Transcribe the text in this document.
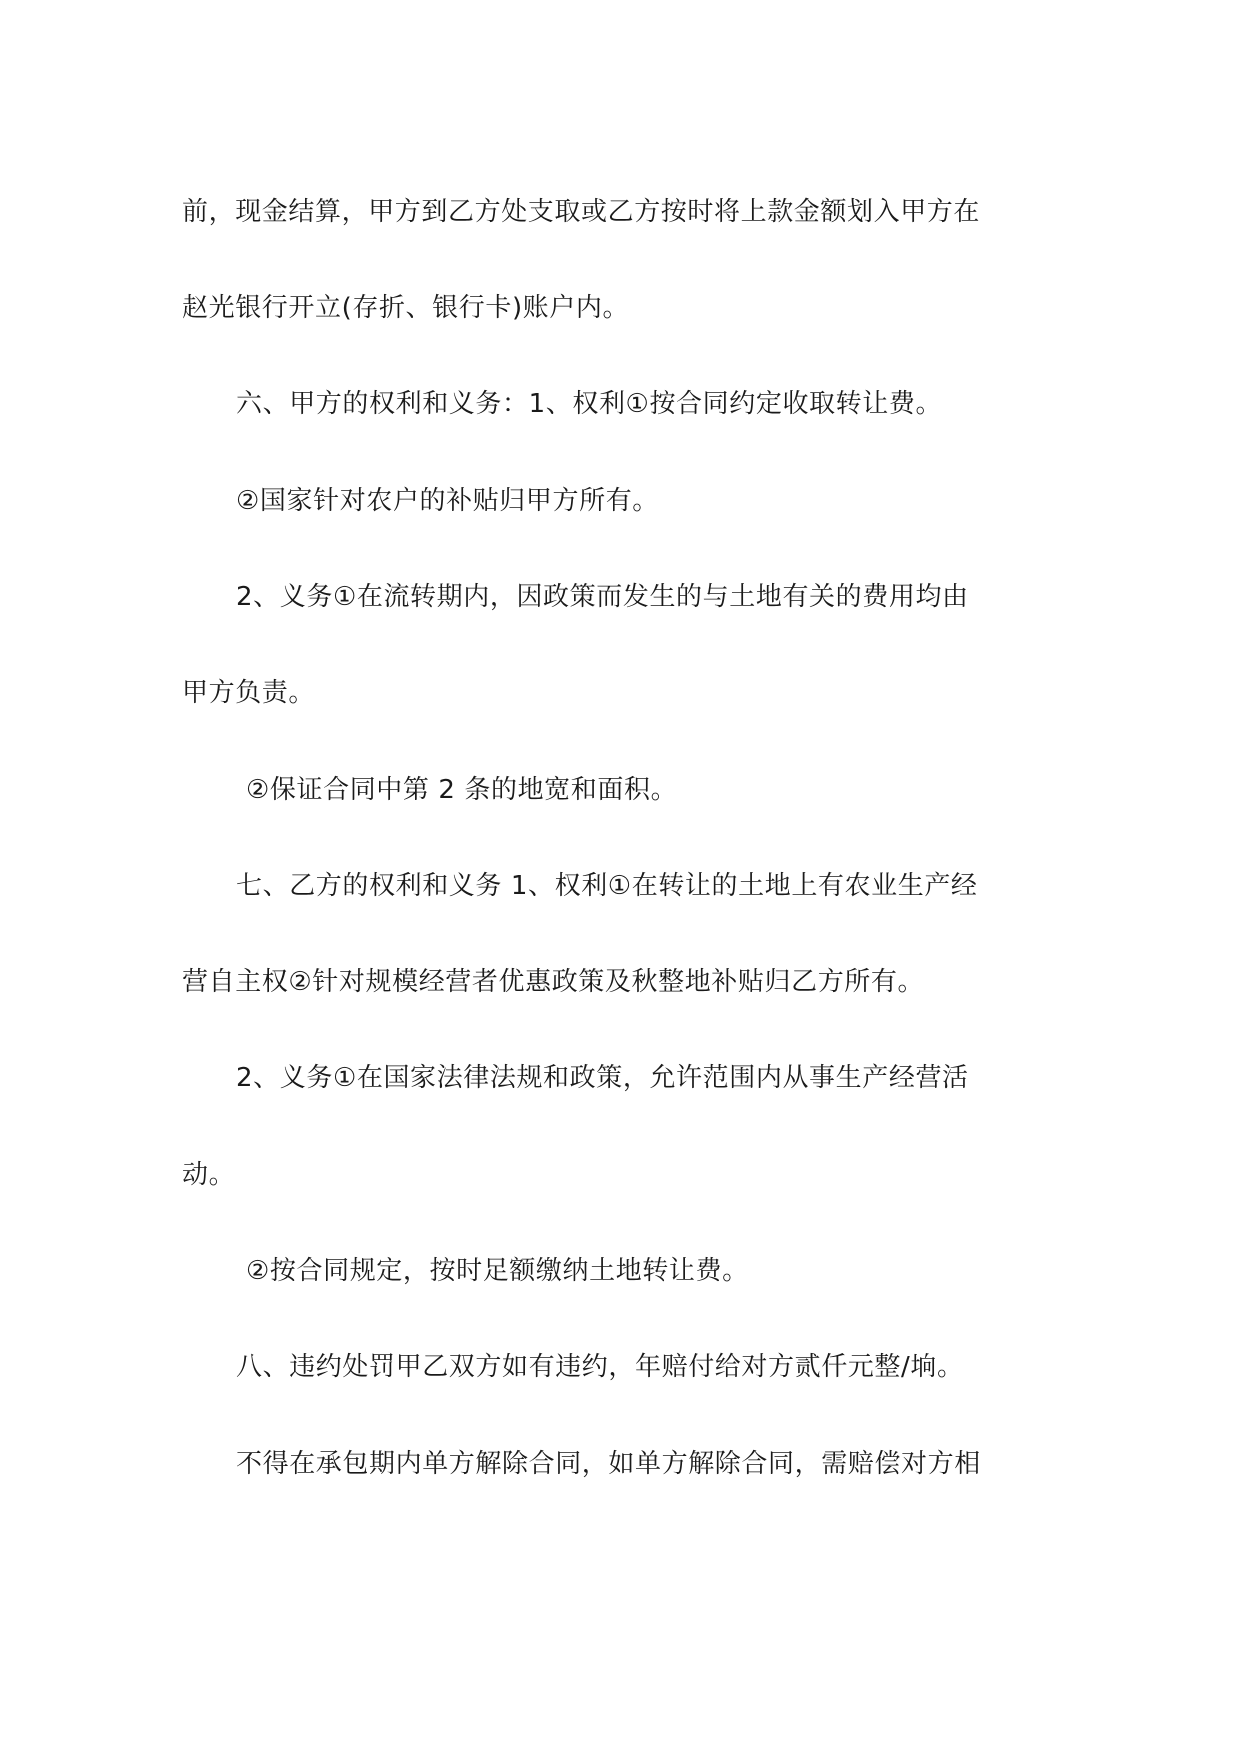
前，现金结算，甲方到乙方处支取或乙方按时将上款金额划入甲方在
赵光银行开立(存折、银行卡)账户内。
六、甲方的权利和义务：1、权利①按合同约定收取转让费。
②国家针对农户的补贴归甲方所有。
2、义务①在流转期内，因政策而发生的与土地有关的费用均由
甲方负责。
②保证合同中第 2 条的地宽和面积。
七、乙方的权利和义务 1、权利①在转让的土地上有农业生产经
营自主权②针对规模经营者优惠政策及秋整地补贴归乙方所有。
2、义务①在国家法律法规和政策，允许范围内从事生产经营活
动。
②按合同规定，按时足额缴纳土地转让费。
八、违约处罚甲乙双方如有违约，年赔付给对方贰仟元整/垧。
不得在承包期内单方解除合同，如单方解除合同，需赔偿对方相
